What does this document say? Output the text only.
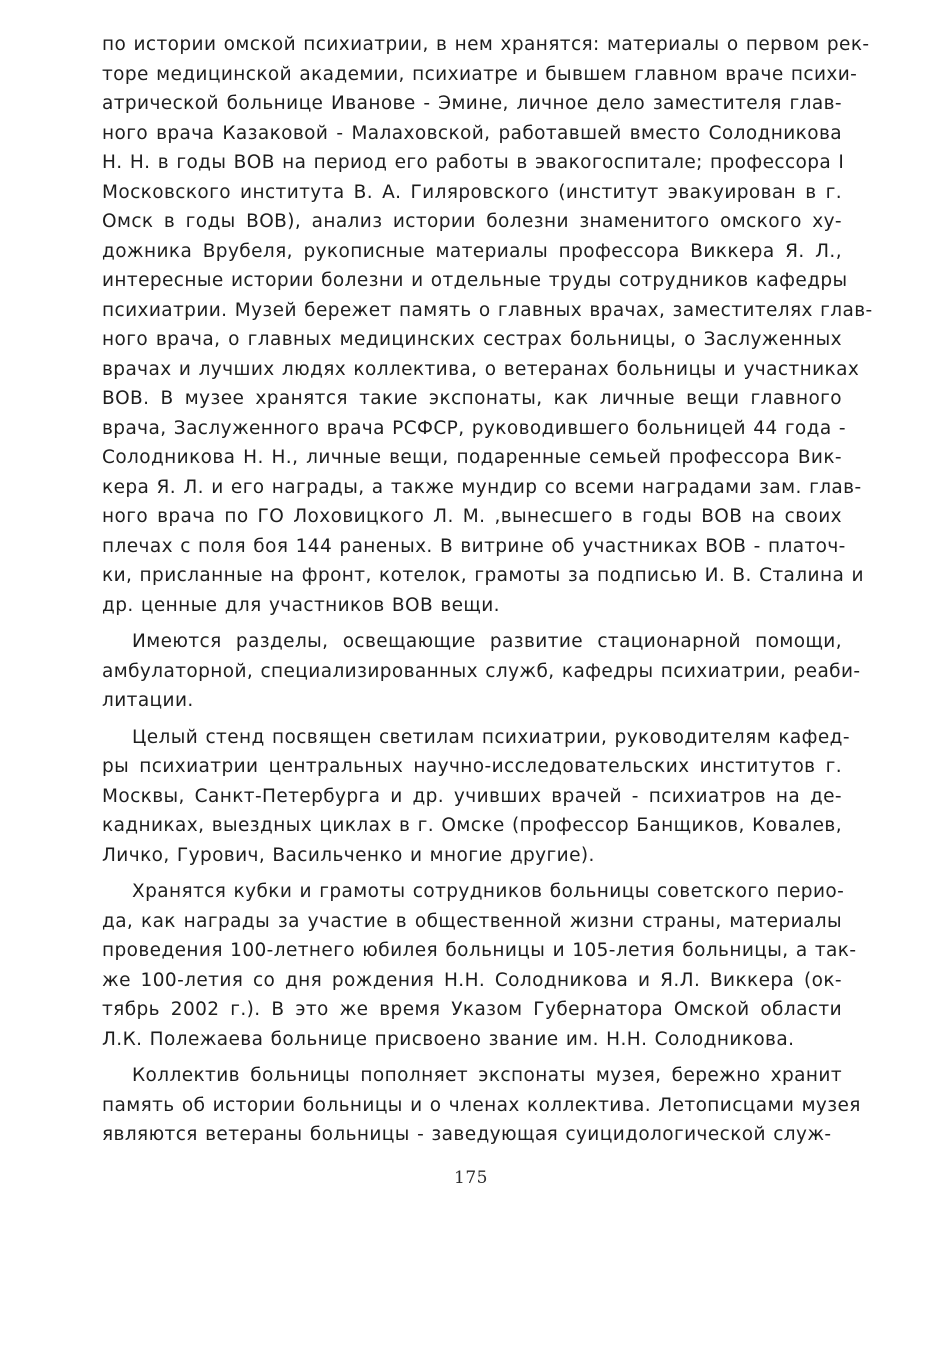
по истории омской психиатрии, в нем хранятся: материалы о первом рек-
торе медицинской академии, психиатре и бывшем главном враче психи-
атрической больнице Иванове - Эмине, личное дело заместителя глав-
ного врача Казаковой - Малаховской, работавшей вместо Солодникова
Н. Н. в годы ВОВ на период его работы в эвакогоспитале; профессора I
Московского института В. А. Гиляровского (институт эвакуирован в г.
Омск в годы ВОВ), анализ истории болезни знаменитого омского ху-
дожника Врубеля, рукописные материалы профессора Виккера Я. Л.,
интересные истории болезни и отдельные труды сотрудников кафедры
психиатрии. Музей бережет память о главных врачах, заместителях глав-
ного врача, о главных медицинских сестрах больницы, о Заслуженных
врачах и лучших людях коллектива, о ветеранах больницы и участниках
ВОВ. В музее хранятся такие экспонаты, как личные вещи главного
врача, Заслуженного врача РСФСР, руководившего больницей 44 года -
Солодникова Н. Н., личные вещи, подаренные семьей профессора Вик-
кера Я. Л. и его награды, а также мундир со всеми наградами зам. глав-
ного врача по ГО Лоховицкого Л. М. ,вынесшего в годы ВОВ на своих
плечах с поля боя 144 раненых. В витрине об участниках ВОВ - платоч-
ки, присланные на фронт, котелок, грамоты за подписью И. В. Сталина и
др. ценные для участников ВОВ вещи.
Имеются разделы, освещающие развитие стационарной помощи,
амбулаторной, специализированных служб, кафедры психиатрии, реаби-
литации.
Целый стенд посвящен светилам психиатрии, руководителям кафед-
ры психиатрии центральных научно-исследовательских институтов г.
Москвы, Санкт-Петербурга и др. учивших врачей - психиатров на де-
кадниках, выездных циклах в г. Омске (профессор Банщиков, Ковалев,
Личко, Гурович, Васильченко и многие другие).
Хранятся кубки и грамоты сотрудников больницы советского перио-
да, как награды за участие в общественной жизни страны, материалы
проведения 100-летнего юбилея больницы и 105-летия больницы, а так-
же 100-летия со дня рождения Н.Н. Солодникова и Я.Л. Виккера (ок-
тябрь 2002 г.). В это же время Указом Губернатора Омской области
Л.К. Полежаева больнице присвоено звание им. Н.Н. Солодникова.
Коллектив больницы пополняет экспонаты музея, бережно хранит
память об истории больницы и о членах коллектива. Летописцами музея
являются ветераны больницы - заведующая суицидологической служ-
175
